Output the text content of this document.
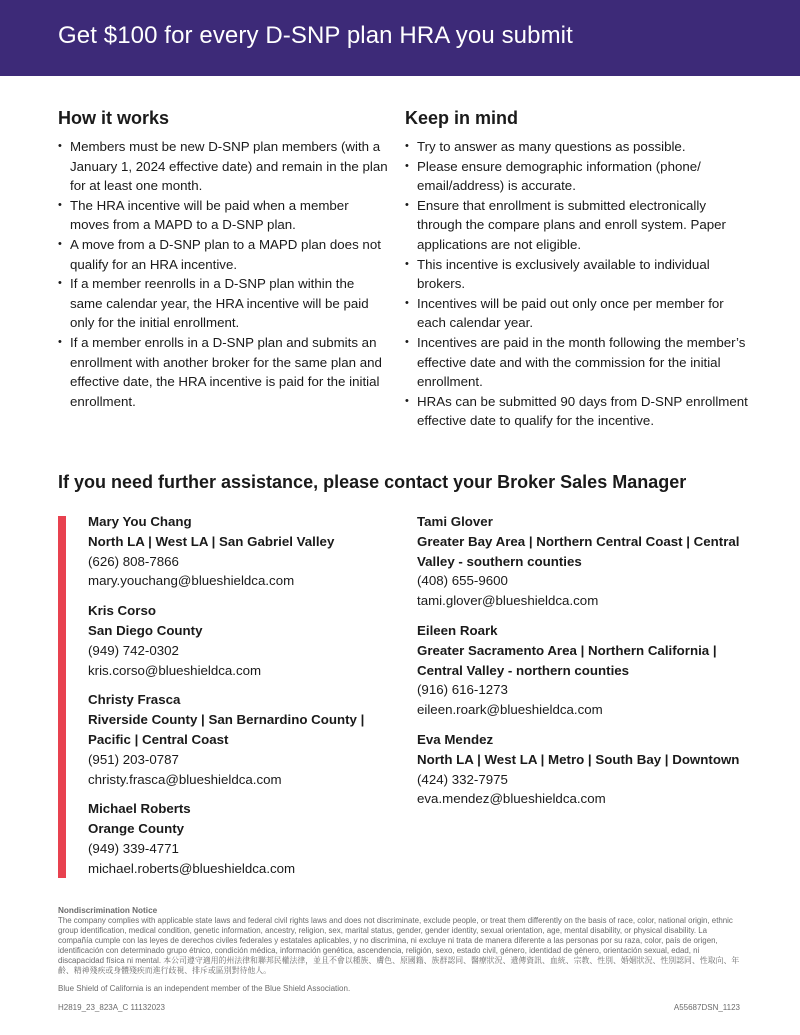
Get $100 for every D-SNP plan HRA you submit
How it works
• Members must be new D-SNP plan members (with a January 1, 2024 effective date) and remain in the plan for at least one month.
• The HRA incentive will be paid when a member moves from a MAPD to a D-SNP plan.
• A move from a D-SNP plan to a MAPD plan does not qualify for an HRA incentive.
• If a member reenrolls in a D-SNP plan within the same calendar year, the HRA incentive will be paid only for the initial enrollment.
• If a member enrolls in a D-SNP plan and submits an enrollment with another broker for the same plan and effective date, the HRA incentive is paid for the initial enrollment.
Keep in mind
• Try to answer as many questions as possible.
• Please ensure demographic information (phone/ email/address) is accurate.
• Ensure that enrollment is submitted electronically through the compare plans and enroll system. Paper applications are not eligible.
• This incentive is exclusively available to individual brokers.
• Incentives will be paid out only once per member for each calendar year.
• Incentives are paid in the month following the member’s effective date and with the commission for the initial enrollment.
• HRAs can be submitted 90 days from D-SNP enrollment effective date to qualify for the incentive.
If you need further assistance, please contact your Broker Sales Manager
Mary You Chang
North LA | West LA | San Gabriel Valley
(626) 808-7866
mary.youchang@blueshieldca.com
Kris Corso
San Diego County
(949) 742-0302
kris.corso@blueshieldca.com
Christy Frasca
Riverside County | San Bernardino County | Pacific | Central Coast
(951) 203-0787
christy.frasca@blueshieldca.com
Michael Roberts
Orange County
(949) 339-4771
michael.roberts@blueshieldca.com
Tami Glover
Greater Bay Area | Northern Central Coast | Central Valley - southern counties
(408) 655-9600
tami.glover@blueshieldca.com
Eileen Roark
Greater Sacramento Area | Northern California | Central Valley - northern counties
(916) 616-1273
eileen.roark@blueshieldca.com
Eva Mendez
North LA | West LA | Metro | South Bay | Downtown
(424) 332-7975
eva.mendez@blueshieldca.com
Nondiscrimination Notice
The company complies with applicable state laws and federal civil rights laws and does not discriminate, exclude people, or treat them differently on the basis of race, color, national origin, ethnic group identification, medical condition, genetic information, ancestry, religion, sex, marital status, gender, gender identity, sexual orientation, age, mental disability, or physical disability. La compañía cumple con las leyes de derechos civiles federales y estatales aplicables, y no discrimina, ni excluye ni trata de manera diferente a las personas por su raza, color, país de origen, identificación con determinado grupo étnico, condición médica, información genética, ascendencia, religión, sexo, estado civil, género, identidad de género, orientación sexual, edad, ni discapacidad física ni mental. 本公司遵守適用的州法律和聯邦民權法律，並且不會以種族、膚色、原國籍、族群認同、醫療狀況、遺傳資訊、血統、宗教、性別、婚姻狀況、性別認同、性取向、年齡、精神殘疾或身體殘疾而進行歧視、排斥或區別對待他人。
Blue Shield of California is an independent member of the Blue Shield Association.
H2819_23_823A_C 11132023	A55687DSN_1123
